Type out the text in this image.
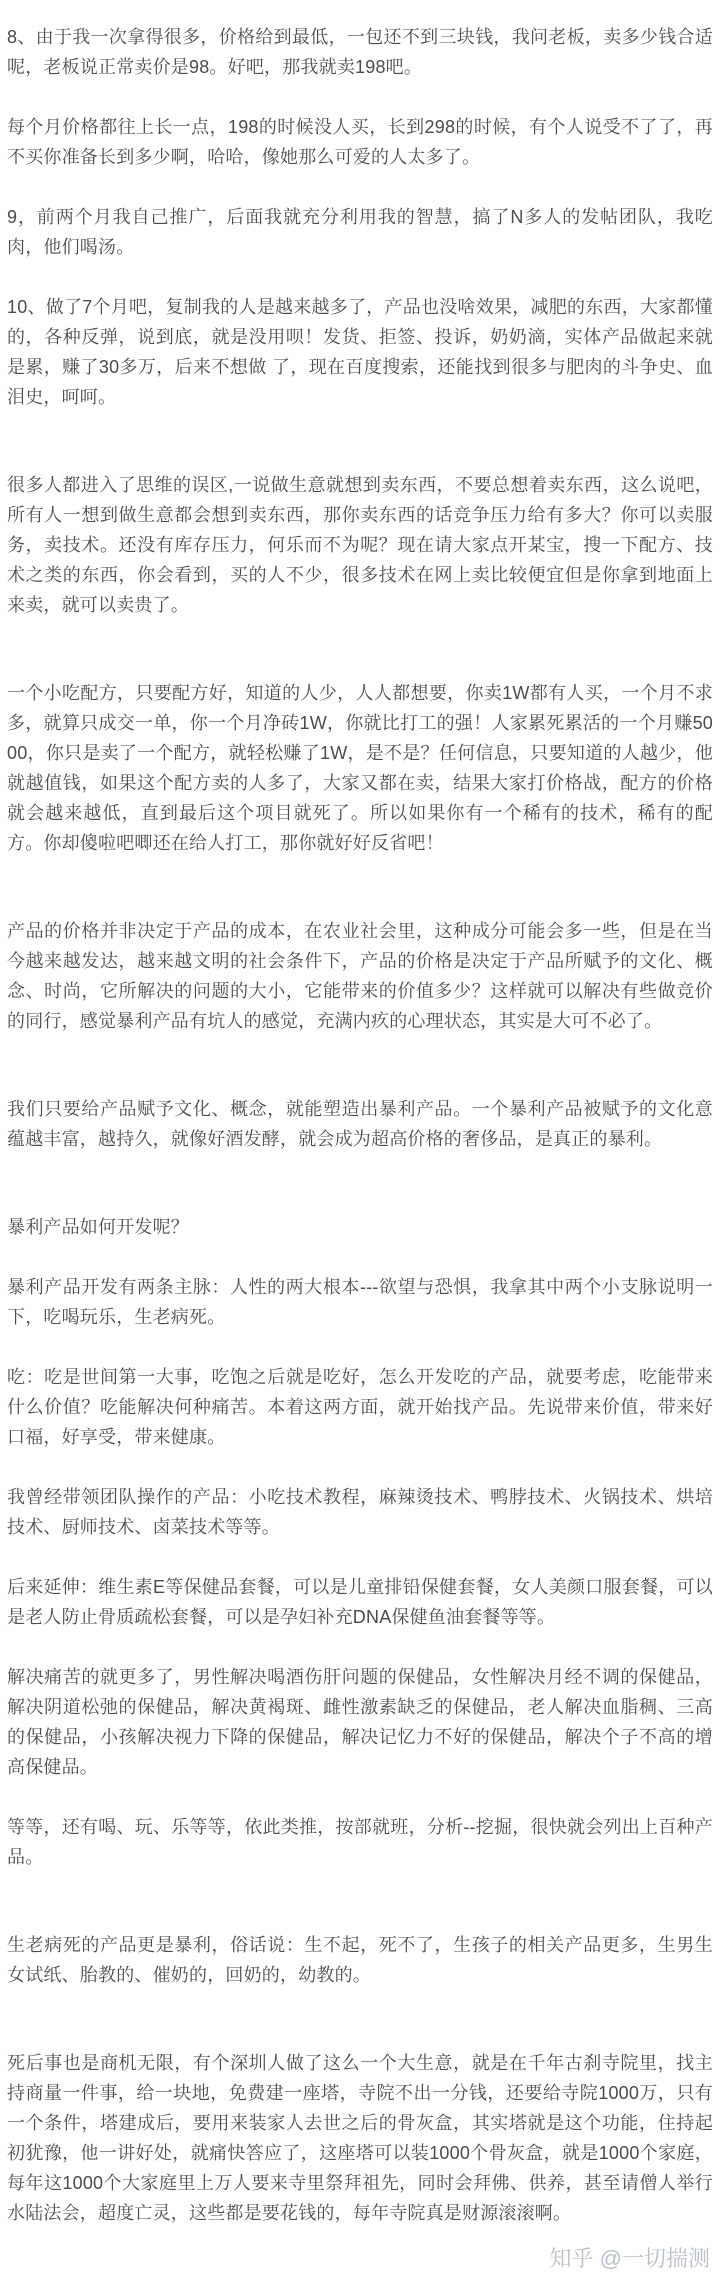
8、由于我一次拿得很多，价格给到最低，一包还不到三块钱，我问老板，卖多少钱合适呢，老板说正常卖价是98。好吧，那我就卖198吧。

每个月价格都往上长一点，198的时候没人买，长到298的时候，有个人说受不了了，再不买你准备长到多少啊，哈哈，像她那么可爱的人太多了。

9，前两个月我自己推广，后面我就充分利用我的智慧，搞了N多人的发帖团队，我吃肉，他们喝汤。

10、做了7个月吧，复制我的人是越来越多了，产品也没啥效果，减肥的东西，大家都懂的，各种反弹，说到底，就是没用呗！发货、拒签、投诉，奶奶滴，实体产品做起来就是累，赚了30多万，后来不想做 了，现在百度搜索，还能找到很多与肥肉的斗争史、血泪史，呵呵。

很多人都进入了思维的误区,一说做生意就想到卖东西，不要总想着卖东西，这么说吧，所有人一想到做生意都会想到卖东西，那你卖东西的话竞争压力给有多大？你可以卖服务，卖技术。还没有库存压力，何乐而不为呢？现在请大家点开某宝，搜一下配方、技术之类的东西，你会看到，买的人不少，很多技术在网上卖比较便宜但是你拿到地面上来卖，就可以卖贵了。

一个小吃配方，只要配方好，知道的人少，人人都想要，你卖1W都有人买，一个月不求多，就算只成交一单，你一个月净砖1W，你就比打工的强！人家累死累活的一个月赚5000，你只是卖了一个配方，就轻松赚了1W，是不是？任何信息，只要知道的人越少，他就越值钱，如果这个配方卖的人多了，大家又都在卖，结果大家打价格战，配方的价格就会越来越低，直到最后这个项目就死了。所以如果你有一个稀有的技术，稀有的配方。你却傻啦吧唧还在给人打工，那你就好好反省吧！

产品的价格并非决定于产品的成本，在农业社会里，这种成分可能会多一些，但是在当今越来越发达，越来越文明的社会条件下，产品的价格是决定于产品所赋予的文化、概念、时尚，它所解决的问题的大小，它能带来的价值多少？这样就可以解决有些做竞价的同行，感觉暴利产品有坑人的感觉，充满内疚的心理状态，其实是大可不必了。

我们只要给产品赋予文化、概念，就能塑造出暴利产品。一个暴利产品被赋予的文化意蕴越丰富，越持久，就像好酒发酵，就会成为超高价格的奢侈品，是真正的暴利。

暴利产品如何开发呢？

暴利产品开发有两条主脉：人性的两大根本---欲望与恐惧，我拿其中两个小支脉说明一下，吃喝玩乐，生老病死。

吃：吃是世间第一大事，吃饱之后就是吃好，怎么开发吃的产品，就要考虑，吃能带来什么价值？吃能解决何种痛苦。本着这两方面，就开始找产品。先说带来价值，带来好口福，好享受，带来健康。

我曾经带领团队操作的产品：小吃技术教程，麻辣烫技术、鸭脖技术、火锅技术、烘培技术、厨师技术、卤菜技术等等。

后来延伸：维生素E等保健品套餐，可以是儿童排铅保健套餐，女人美颜口服套餐，可以是老人防止骨质疏松套餐，可以是孕妇补充DNA保健鱼油套餐等等。

解决痛苦的就更多了，男性解决喝酒伤肝问题的保健品，女性解决月经不调的保健品，解决阴道松弛的保健品，解决黄褐斑、雌性激素缺乏的保健品，老人解决血脂稠、三高的保健品，小孩解决视力下降的保健品，解决记忆力不好的保健品，解决个子不高的增高保健品。

等等，还有喝、玩、乐等等，依此类推，按部就班，分析--挖掘，很快就会列出上百种产品。

生老病死的产品更是暴利，俗话说：生不起，死不了，生孩子的相关产品更多，生男生女试纸、胎教的、催奶的，回奶的，幼教的。

死后事也是商机无限，有个深圳人做了这么一个大生意，就是在千年古刹寺院里，找主持商量一件事，给一块地，免费建一座塔，寺院不出一分钱，还要给寺院1000万，只有一个条件，塔建成后，要用来装家人去世之后的骨灰盒，其实塔就是这个功能，住持起初犹豫，他一讲好处，就痛快答应了，这座塔可以装1000个骨灰盒，就是1000个家庭，每年这1000个大家庭里上万人要来寺里祭拜祖先，同时会拜佛、供养，甚至请僧人举行水陆法会，超度亡灵，这些都是要花钱的，每年寺院真是财源滚滚啊。

知乎 @一切揣测
